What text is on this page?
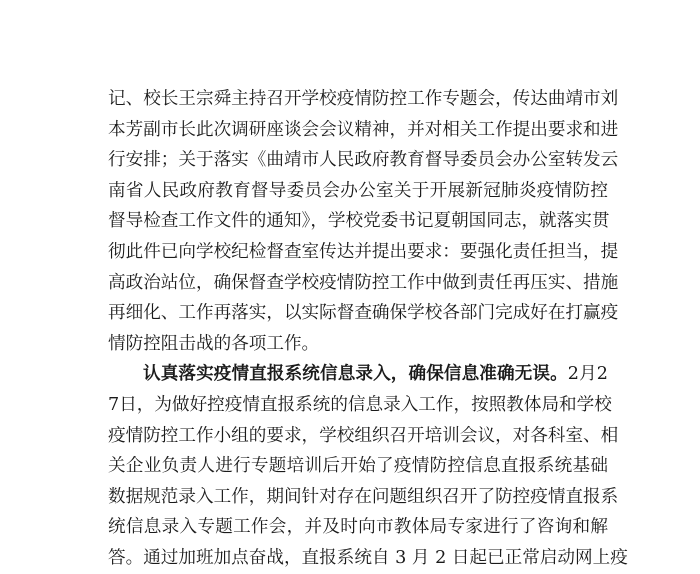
记、校长王宗舜主持召开学校疫情防控工作专题会，传达曲靖市刘
本芳副市长此次调研座谈会会议精神，并对相关工作提出要求和进
行安排；关于落实《曲靖市人民政府教育督导委员会办公室转发云
南省人民政府教育督导委员会办公室关于开展新冠肺炎疫情防控
督导检查工作文件的通知》，学校党委书记夏朝国同志，就落实贯
彻此件已向学校纪检督查室传达并提出要求：要强化责任担当，提
高政治站位，确保督查学校疫情防控工作中做到责任再压实、措施
再细化、工作再落实，以实际督查确保学校各部门完成好在打赢疫
情防控阻击战的各项工作。
认真落实疫情直报系统信息录入，确保信息准确无误。2月2
7日，为做好控疫情直报系统的信息录入工作，按照教体局和学校
疫情防控工作小组的要求，学校组织召开培训会议，对各科室、相
关企业负责人进行专题培训后开始了疫情防控信息直报系统基础
数据规范录入工作，期间针对存在问题组织召开了防控疫情直报系
统信息录入专题工作会，并及时向市教体局专家进行了咨询和解
答。通过加班加点奋战，直报系统自 3 月 2 日起已正常启动网上疫
